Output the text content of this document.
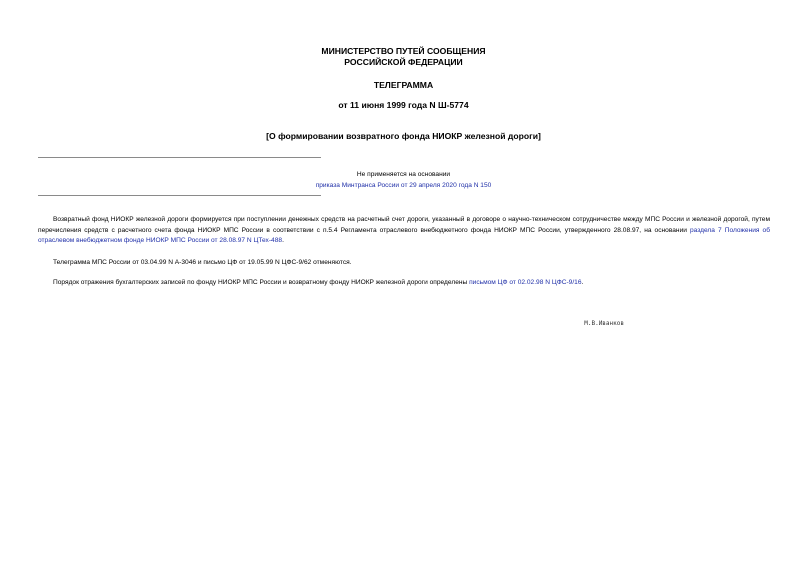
МИНИСТЕРСТВО ПУТЕЙ СООБЩЕНИЯ
РОССИЙСКОЙ ФЕДЕРАЦИИ
ТЕЛЕГРАММА
от 11 июня 1999 года N Ш-5774
[О формировании возвратного фонда НИОКР железной дороги]
Не применяется на основании
приказа Минтранса России от 29 апреля 2020 года N 150
Возвратный фонд НИОКР железной дороги формируется при поступлении денежных средств на расчетный счет дороги, указанный в договоре о научно-техническом сотрудничестве между МПС России и железной дорогой, путем перечисления средств с расчетного счета фонда НИОКР МПС России в соответствии с п.5.4 Регламента отраслевого внебюджетного фонда НИОКР МПС России, утвержденного 28.08.97, на основании раздела 7 Положения об отраслевом внебюджетном фонде НИОКР МПС России от 28.08.97 N ЦТех-488.
Телеграмма МПС России от 03.04.99 N А-3046 и письмо ЦФ от 19.05.99 N ЦФС-9/62 отменяются.
Порядок отражения бухгалтерских записей по фонду НИОКР МПС России и возвратному фонду НИОКР железной дороги определены письмом ЦФ от 02.02.98 N ЦФС-9/16.
М.В.Иванков
